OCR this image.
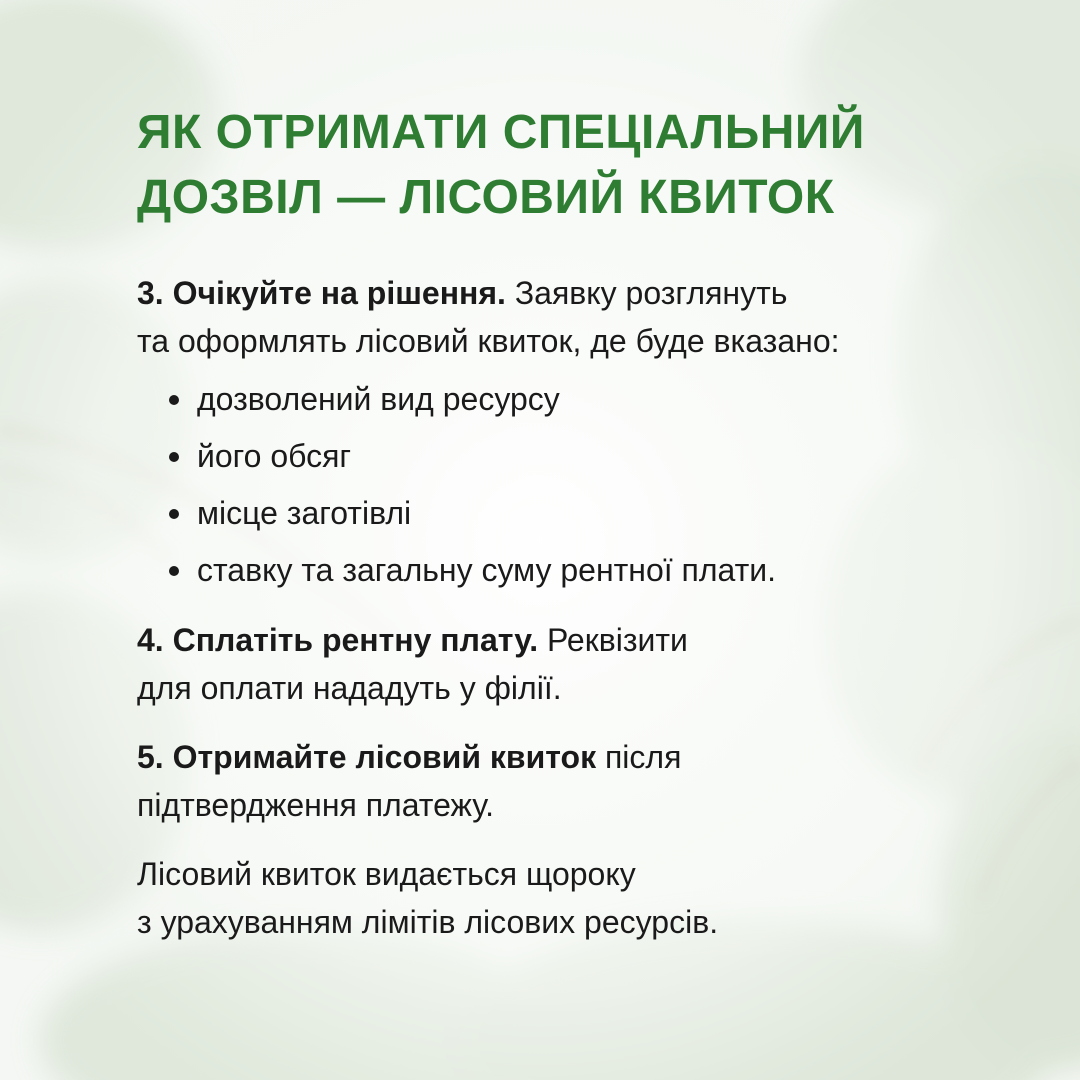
ЯК ОТРИМАТИ СПЕЦІАЛЬНИЙ
ДОЗВІЛ — ЛІСОВИЙ КВИТОК

3. Очікуйте на рішення. Заявку розглянуть
та оформлять лісовий квиток, де буде вказано:

дозволений вид ресурсу
його обсяг
місце заготівлі
ставку та загальну суму рентної плати.

4. Сплатіть рентну плату. Реквізити
для оплати нададуть у філії.

5. Отримайте лісовий квиток після
підтвердження платежу.

Лісовий квиток видається щороку
з урахуванням лімітів лісових ресурсів.
